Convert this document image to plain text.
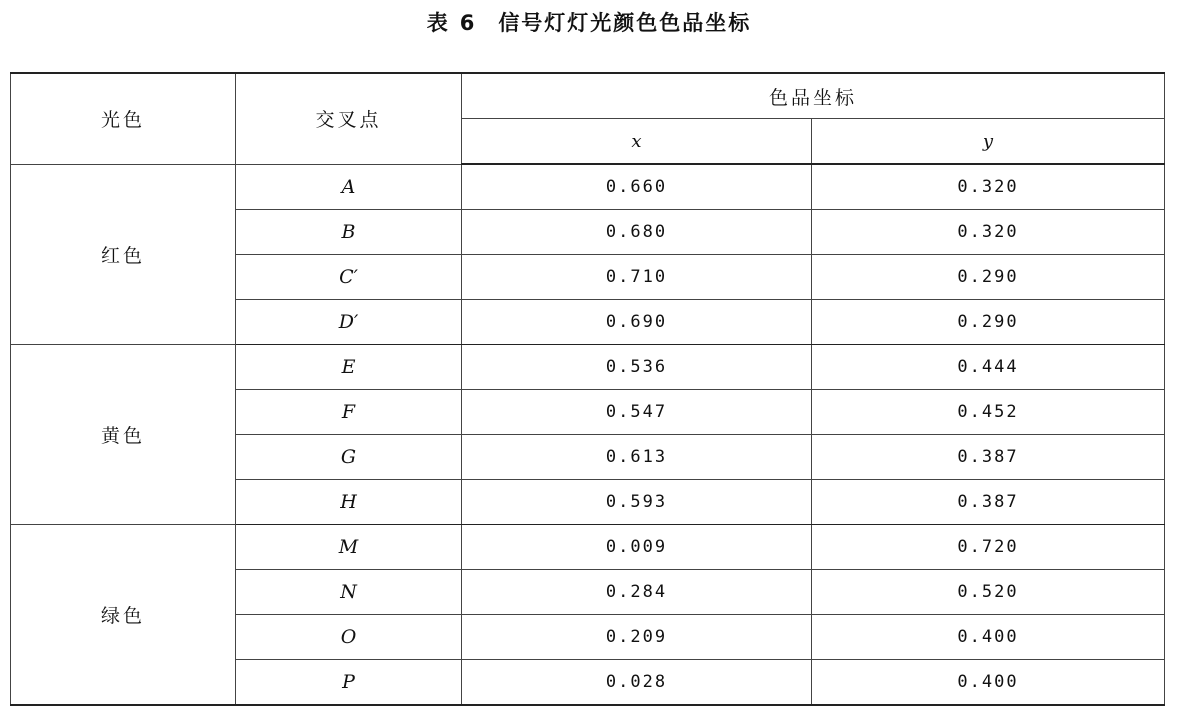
表 6 信号灯灯光颜色色品坐标
光色	交叉点	色品坐标	
		x	y
红色	A	0.660	0.320
	B	0.680	0.320
	C′	0.710	0.290
	D′	0.690	0.290
黄色	E	0.536	0.444
	F	0.547	0.452
	G	0.613	0.387
	H	0.593	0.387
绿色	M	0.009	0.720
	N	0.284	0.520
	O	0.209	0.400
	P	0.028	0.400
